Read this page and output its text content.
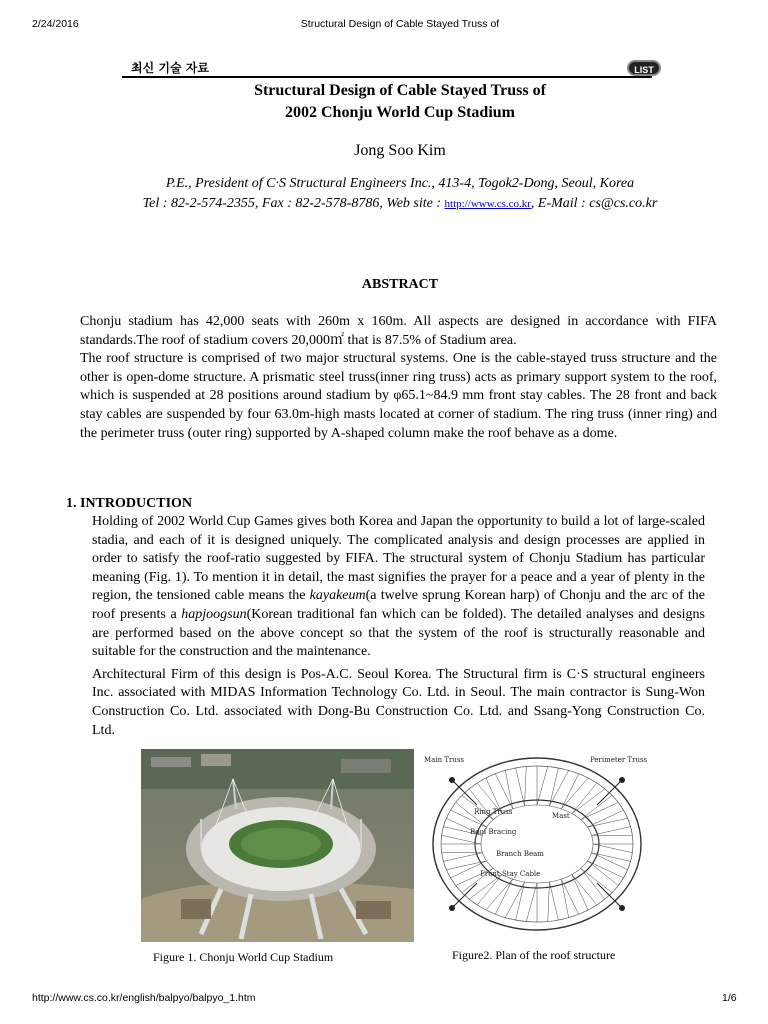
2/24/2016	Structural Design of Cable Stayed Truss of
최신 기술 자료	LIST
Structural Design of Cable Stayed Truss of
2002 Chonju World Cup Stadium
Jong Soo Kim
P.E., President of C·S Structural Engineers Inc., 413-4, Togok2-Dong, Seoul, Korea
Tel : 82-2-574-2355, Fax : 82-2-578-8786, Web site : http://www.cs.co.kr, E-Mail : cs@cs.co.kr
ABSTRACT

Chonju stadium has 42,000 seats with 260m x 160m. All aspects are designed in accordance with FIFA standards.The roof of stadium covers 20,000㎡ that is 87.5% of Stadium area.

The roof structure is comprised of two major structural systems. One is the cable-stayed truss structure and the other is open-dome structure. A prismatic steel truss(inner ring truss) acts as primary support system to the roof, which is suspended at 28 positions around stadium by φ65.1~84.9 mm front stay cables. The 28 front and back stay cables are suspended by four 63.0m-high masts located at corner of stadium. The ring truss (inner ring) and the perimeter truss (outer ring) supported by A-shaped column make the roof behave as a dome.

1. INTRODUCTION

Holding of 2002 World Cup Games gives both Korea and Japan the opportunity to build a lot of large-scaled stadia, and each of it is designed uniquely. The complicated analysis and design processes are applied in order to satisfy the roof-ratio suggested by FIFA. The structural system of Chonju Stadium has particular meaning (Fig. 1). To mention it in detail, the mast signifies the prayer for a peace and a year of plenty in the region, the tensioned cable means the kayakeum(a twelve sprung Korean harp) of Chonju and the arc of the roof presents a hapjoogsun(Korean traditional fan which can be folded). The detailed analyses and designs are performed based on the above concept so that the system of the roof is structurally reasonable and suitable for the construction and the maintenance.

Architectural Firm of this design is Pos-A.C. Seoul Korea. The Structural firm is C·S structural engineers Inc. associated with MIDAS Information Technology Co. Ltd. in Seoul. The main contractor is Sung-Won Construction Co. Ltd. associated with Dong-Bu Construction Co. Ltd. and Ssang-Yong Construction Co. Ltd.

Figure 1. Chonju World Cup Stadium
Main Truss	Perimeter Truss
Ring Truss	Mast
Roof Bracing
Branch Beam
Front Stay Cable
Figure2. Plan of the roof structure
http://www.cs.co.kr/english/balpyo/balpyo_1.htm	1/6
